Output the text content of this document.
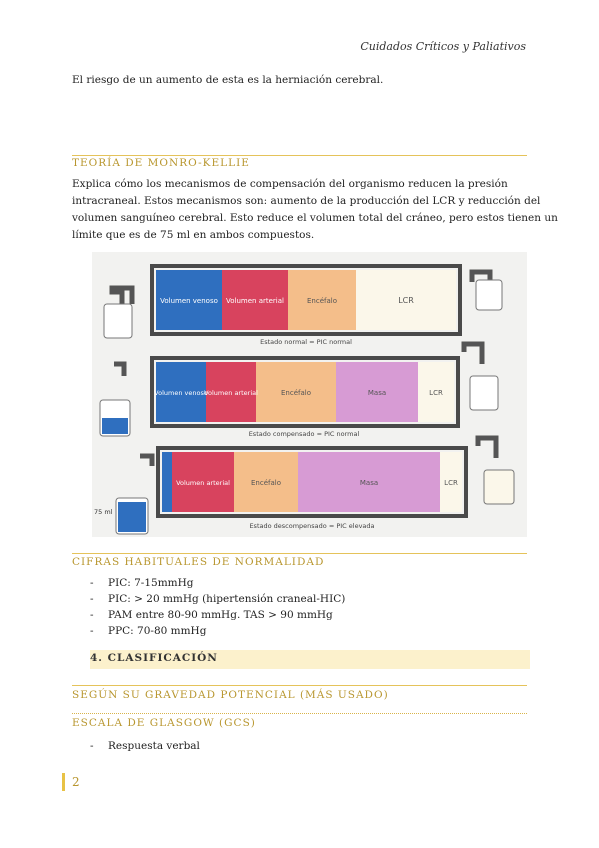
Cuidados Críticos y Paliativos
El riesgo de un aumento de esta es la herniación cerebral.
TEORÍA DE MONRO-KELLIE
Explica cómo los mecanismos de compensación del organismo reducen la presión
intracraneal. Estos mecanismos son: aumento de la producción del LCR y reducción del
volumen sanguíneo cerebral. Esto reduce el volumen total del cráneo, pero estos tienen un
límite que es de 75 ml en ambos compuestos.
Volumen venoso Volumen arterial	Encéfalo	LCR
Estado normal = PIC normal
Volumen venoso
Volumen arterial	Encéfalo	Masa	LCR
Estado compensado = PIC normal
75 ml
Volumen arterial	Encéfalo	Masa	LCR
Estado descompensado = PIC elevada
CIFRAS HABITUALES DE NORMALIDAD
- PIC: 7-15mmHg
- PIC: > 20 mmHg (hipertensión craneal-HIC)
- PAM entre 80-90 mmHg. TAS > 90 mmHg
- PPC: 70-80 mmHg
4. CLASIFICACIÓN
SEGÚN SU GRAVEDAD POTENCIAL (MÁS USADO)
ESCALA DE GLASGOW (GCS)
- Respuesta verbal
2
